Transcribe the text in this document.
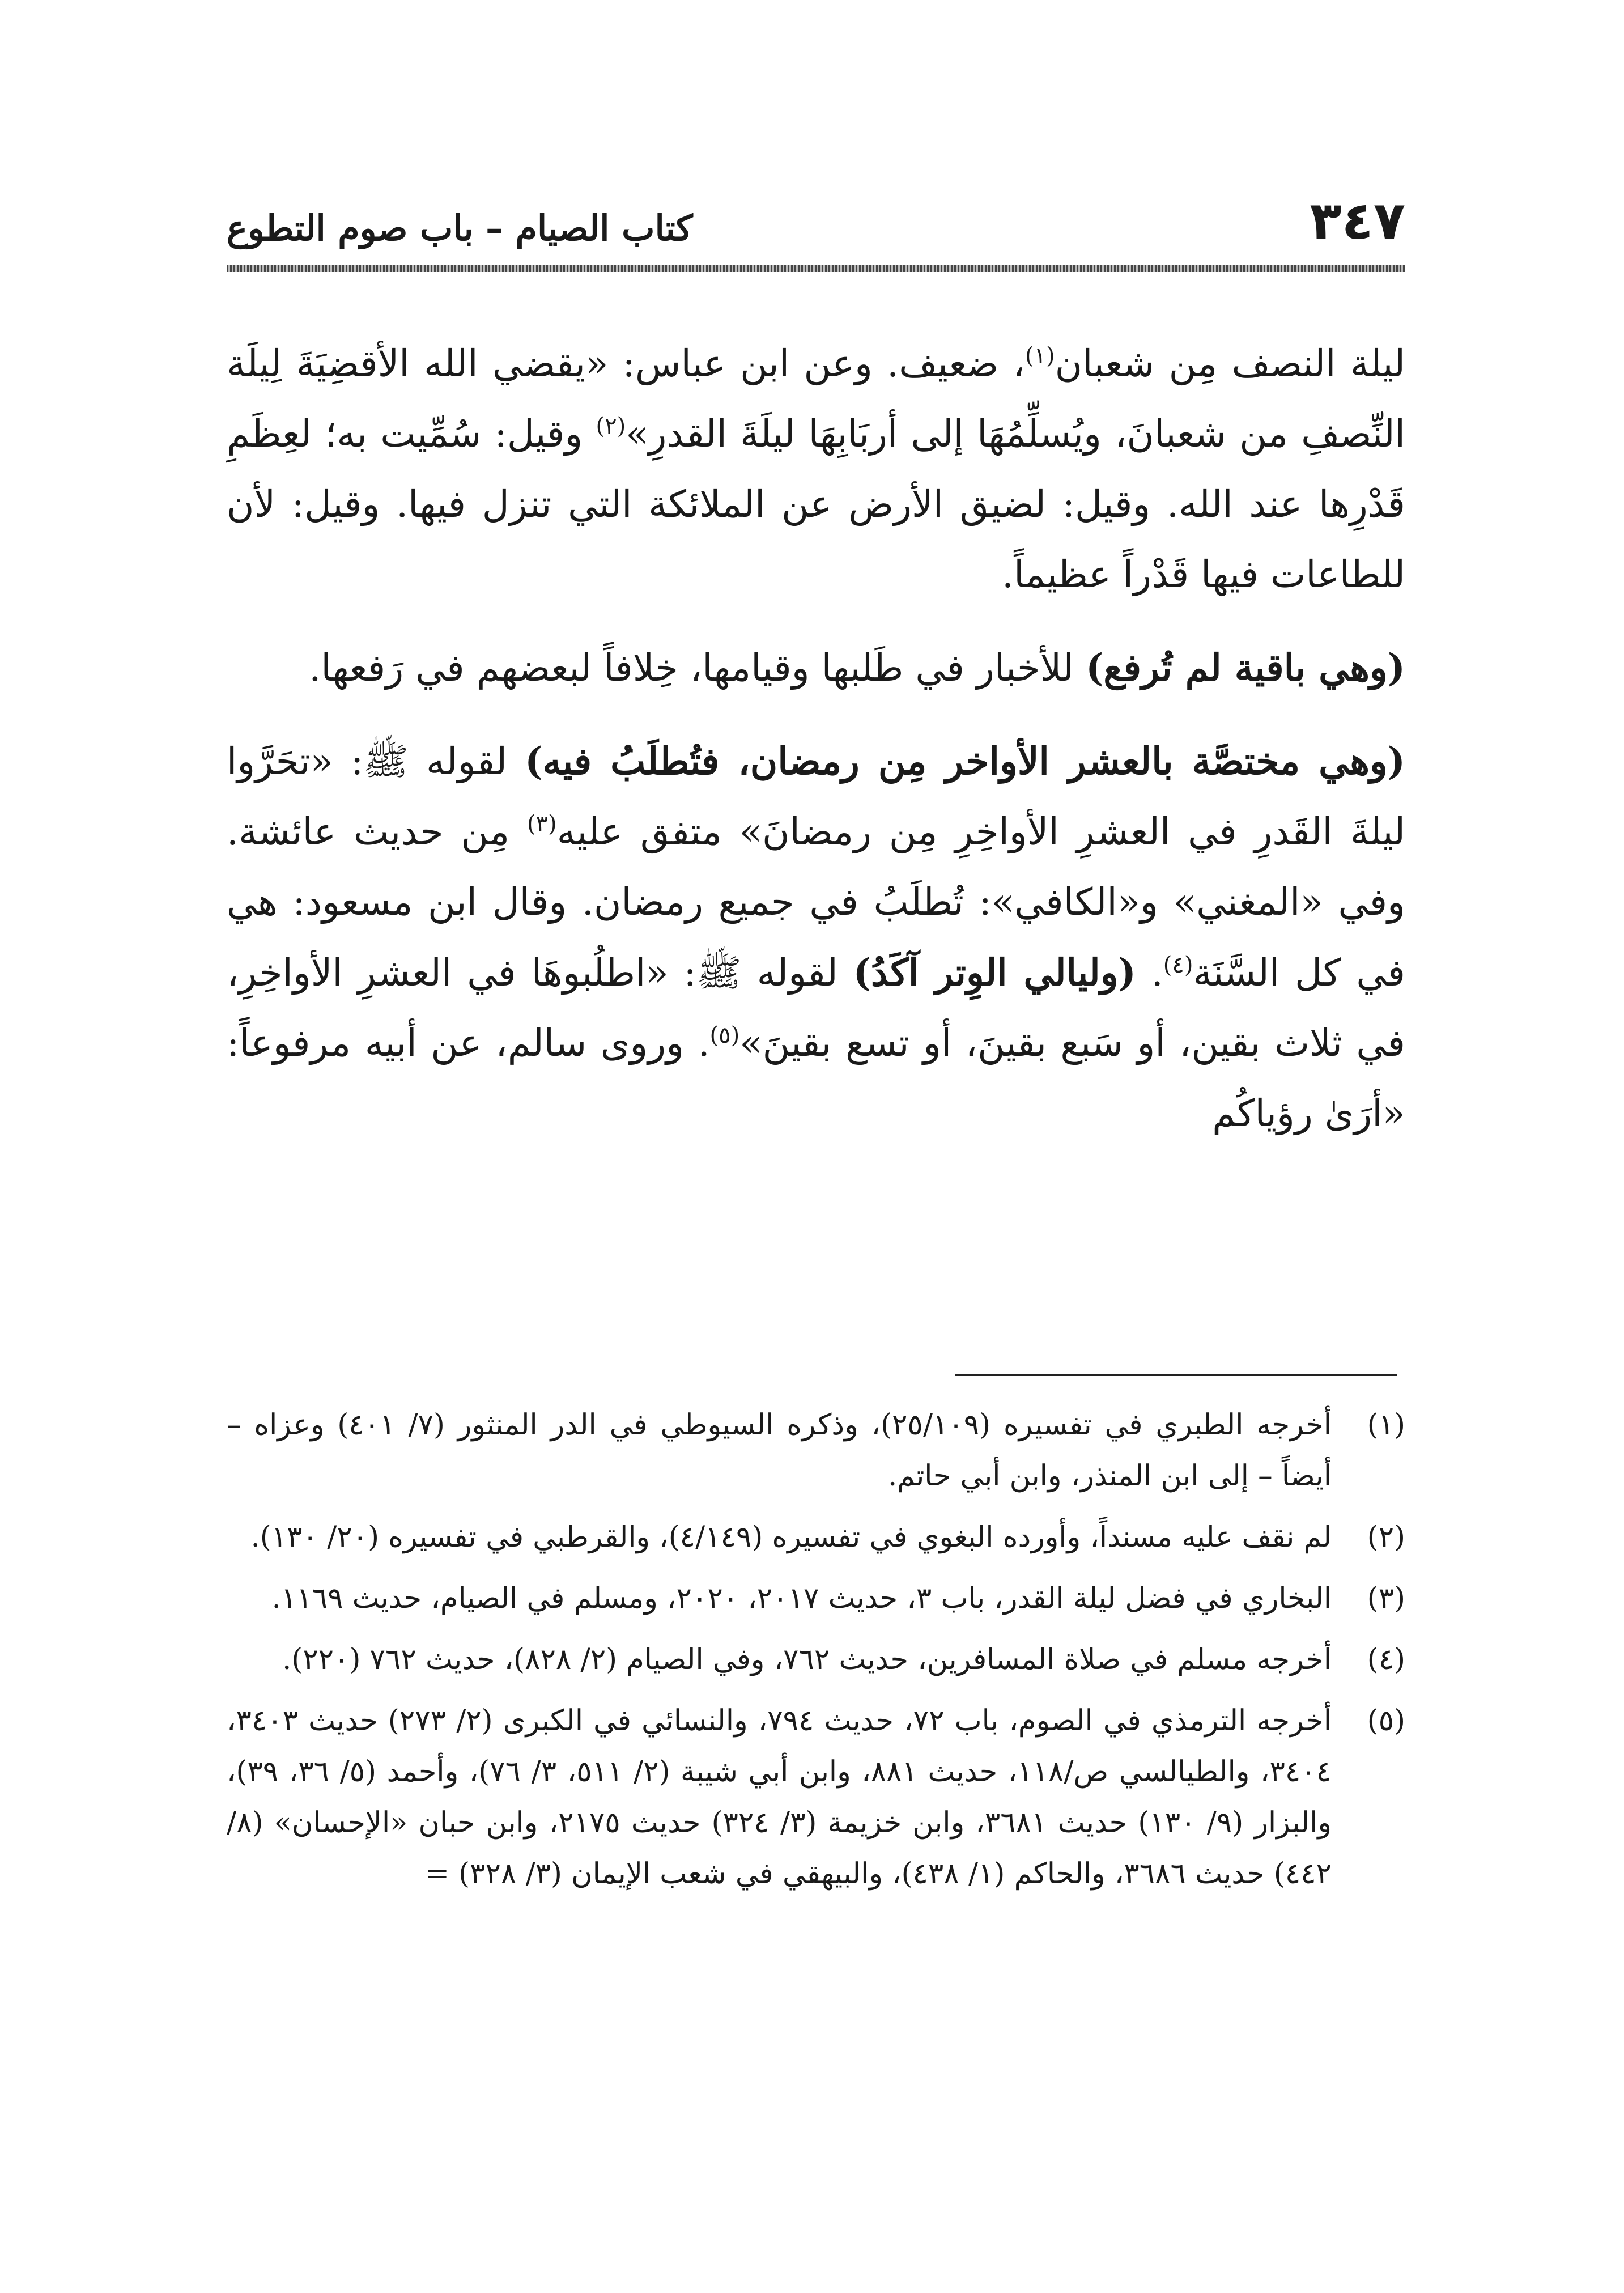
٣٤٧
كتاب الصيام – باب صوم التطوع

ليلة النصف مِن شعبان$^{(١)}$، ضعيف. وعن ابن عباس: «يقضي الله الأقضِيَةَ لِيلَة النِّصفِ من شعبانَ، ويُسلِّمُهَا إلى أربَابِهَا ليلَةَ القدرِ»$^{(٢)}$ وقيل: سُمِّيت به؛ لعِظَمِ قَدْرِها عند الله. وقيل: لضيق الأرض عن الملائكة التي تنزل فيها. وقيل: لأن للطاعات فيها قَدْراً عظيماً.

(وهي باقية لم تُرفع) للأخبار في طَلبها وقيامها، خِلافاً لبعضهم في رَفعها.

(وهي مختصَّة بالعشر الأواخر مِن رمضان، فتُطلَبُ فيه) لقوله ﷺ: «تحَرَّوا ليلةَ القَدرِ في العشرِ الأواخِرِ مِن رمضانَ» متفق عليه$^{(٣)}$ مِن حديث عائشة. وفي «المغني» و«الكافي»: تُطلَبُ في جميع رمضان. وقال ابن مسعود: هي في كل السَّنَة$^{(٤)}$. (وليالي الوِتر آكَدُ) لقوله ﷺ: «اطلُبوهَا في العشرِ الأواخِرِ، في ثلاث بقين، أو سَبع بقينَ، أو تسع بقينَ»$^{(٥)}$. وروى سالم، عن أبيه مرفوعاً: «أرَىٰ رؤياكُم

(١)
أخرجه الطبري في تفسيره (٢٥/١٠٩)، وذكره السيوطي في الدر المنثور (٧/ ٤٠١) وعزاه – أيضاً – إلى ابن المنذر، وابن أبي حاتم.
(٢)
لم نقف عليه مسنداً، وأورده البغوي في تفسيره (٤/١٤٩)، والقرطبي في تفسيره (٢٠/ ١٣٠).
(٣)
البخاري في فضل ليلة القدر، باب ٣، حديث ٢٠١٧، ٢٠٢٠، ومسلم في الصيام، حديث ١١٦٩.
(٤)
أخرجه مسلم في صلاة المسافرين، حديث ٧٦٢، وفي الصيام (٢/ ٨٢٨)، حديث ٧٦٢ (٢٢٠).
(٥)
أخرجه الترمذي في الصوم، باب ٧٢، حديث ٧٩٤، والنسائي في الكبرى (٢/ ٢٧٣) حديث ٣٤٠٣، ٣٤٠٤، والطيالسي ص/١١٨، حديث ٨٨١، وابن أبي شيبة (٢/ ٥١١، ٣/ ٧٦)، وأحمد (٥/ ٣٦، ٣٩)، والبزار (٩/ ١٣٠) حديث ٣٦٨١، وابن خزيمة (٣/ ٣٢٤) حديث ٢١٧٥، وابن حبان «الإحسان» (٨/ ٤٤٢) حديث ٣٦٨٦، والحاكم (١/ ٤٣٨)، والبيهقي في شعب الإيمان (٣/ ٣٢٨) =
